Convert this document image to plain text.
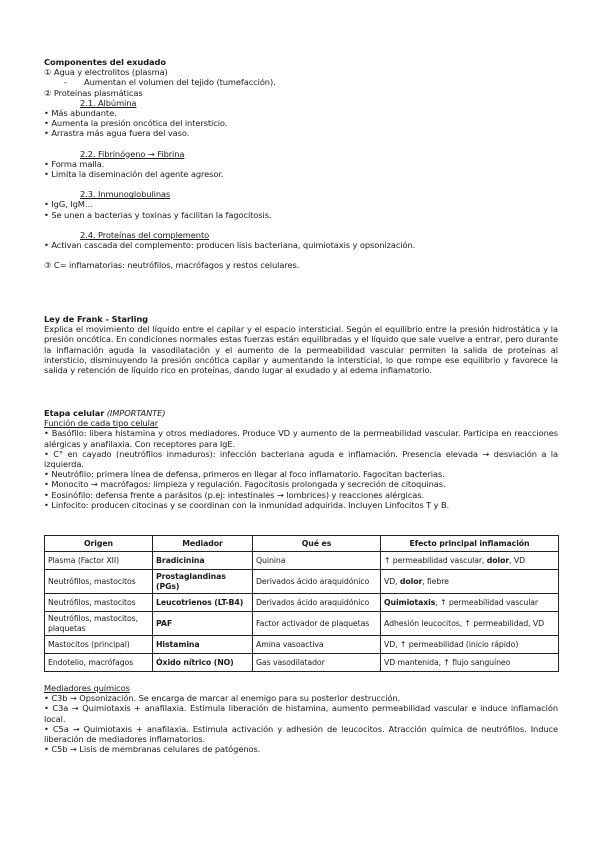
Componentes del exudado
① Agua y electrolitos (plasma)
- Aumentan el volumen del tejido (tumefacción).
② Proteínas plasmáticas
2.1. Albúmina
• Más abundante.
• Aumenta la presión oncótica del intersticio.
• Arrastra más agua fuera del vaso.
2.2. Fibrinógeno → Fibrina
• Forma malla.
• Limita la diseminación del agente agresor.
2.3. Inmunoglobulinas
• IgG, IgM…
• Se unen a bacterias y toxinas y facilitan la fagocitosis.
2.4. Proteínas del complemento
• Activan cascada del complemento: producen lisis bacteriana, quimiotaxis y opsonización.
③ C= inflamatorias: neutrófilos, macrófagos y restos celulares.
Ley de Frank - Starling
Explica el movimiento del líquido entre el capilar y el espacio intersticial. Según el equilibrio entre la presión hidrostática y la presión oncótica. En condiciones normales estas fuerzas están equilibradas y el líquido que sale vuelve a entrar, pero durante la inflamación aguda la vasodilatación y el aumento de la permeabilidad vascular permiten la salida de proteínas al intersticio, disminuyendo la presión oncótica capilar y aumentando la intersticial, lo que rompe ese equilibrio y favorece la salida y retención de líquido rico en proteínas, dando lugar al exudado y al edema inflamatorio.
Etapa celular (IMPORTANTE)
Función de cada tipo celular
• Basófilo: libera histamina y otros mediadores. Produce VD y aumento de la permeabilidad vascular. Participa en reacciones alérgicas y anafilaxia. Con receptores para IgE.
• C° en cayado (neutrófilos inmaduros): infección bacteriana aguda e inflamación. Presencia elevada → desviación a la izquierda.
• Neutrófilo: primera línea de defensa, primeros en llegar al foco inflamatorio. Fagocitan bacterias.
• Monocito → macrófagos: limpieza y regulación. Fagocitosis prolongada y secreción de citoquinas.
• Eosinófilo: defensa frente a parásitos (p.ej: intestinales → lombrices) y reacciones alérgicas.
• Linfocito: producen citocinas y se coordinan con la inmunidad adquirida. Incluyen Linfocitos T y B.
Origen	Mediador	Qué es	Efecto principal inflamación
Plasma (Factor XII)	Bradicinina	Quinina	↑ permeabilidad vascular, dolor, VD
Neutrófilos, mastocitos	Prostaglandinas (PGs)	Derivados ácido araquidónico	VD, dolor, fiebre
Neutrófilos, mastocitos	Leucotrienos (LT-B4)	Derivados ácido araquidónico	Quimiotaxis, ↑ permeabilidad vascular
Neutrófilos, mastocitos, plaquetas	PAF	Factor activador de plaquetas	Adhesión leucocitos, ↑ permeabilidad, VD
Mastocitos (principal)	Histamina	Amina vasoactiva	VD, ↑ permeabilidad (inicio rápido)
Endotelio, macrófagos	Óxido nítrico (NO)	Gas vasodilatador	VD mantenida, ↑ flujo sanguíneo
Mediadores químicos
• C3b → Opsonización. Se encarga de marcar al enemigo para su posterior destrucción.
• C3a → Quimiotaxis + anafilaxia. Estimula liberación de histamina, aumento permeabilidad vascular e induce inflamación local.
• C5a → Quimiotaxis + anafilaxia. Estimula activación y adhesión de leucocitos. Atracción química de neutrófilos. Induce liberación de mediadores inflamatorios.
• C5b → Lisis de membranas celulares de patógenos.
